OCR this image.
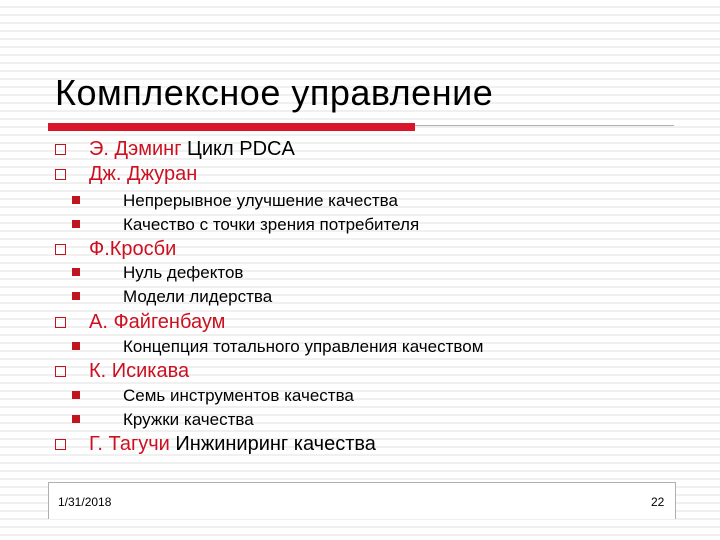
Комплексное управление
Э. Дэминг Цикл PDCA
Дж. Джуран
Непрерывное улучшение качества
Качество с точки зрения потребителя
Ф.Кросби
Нуль дефектов
Модели лидерства
А. Файгенбаум
Концепция тотального управления качеством
К. Исикава
Семь инструментов качества
Кружки качества
Г. Тагучи Инжиниринг качества
1/31/2018	22
